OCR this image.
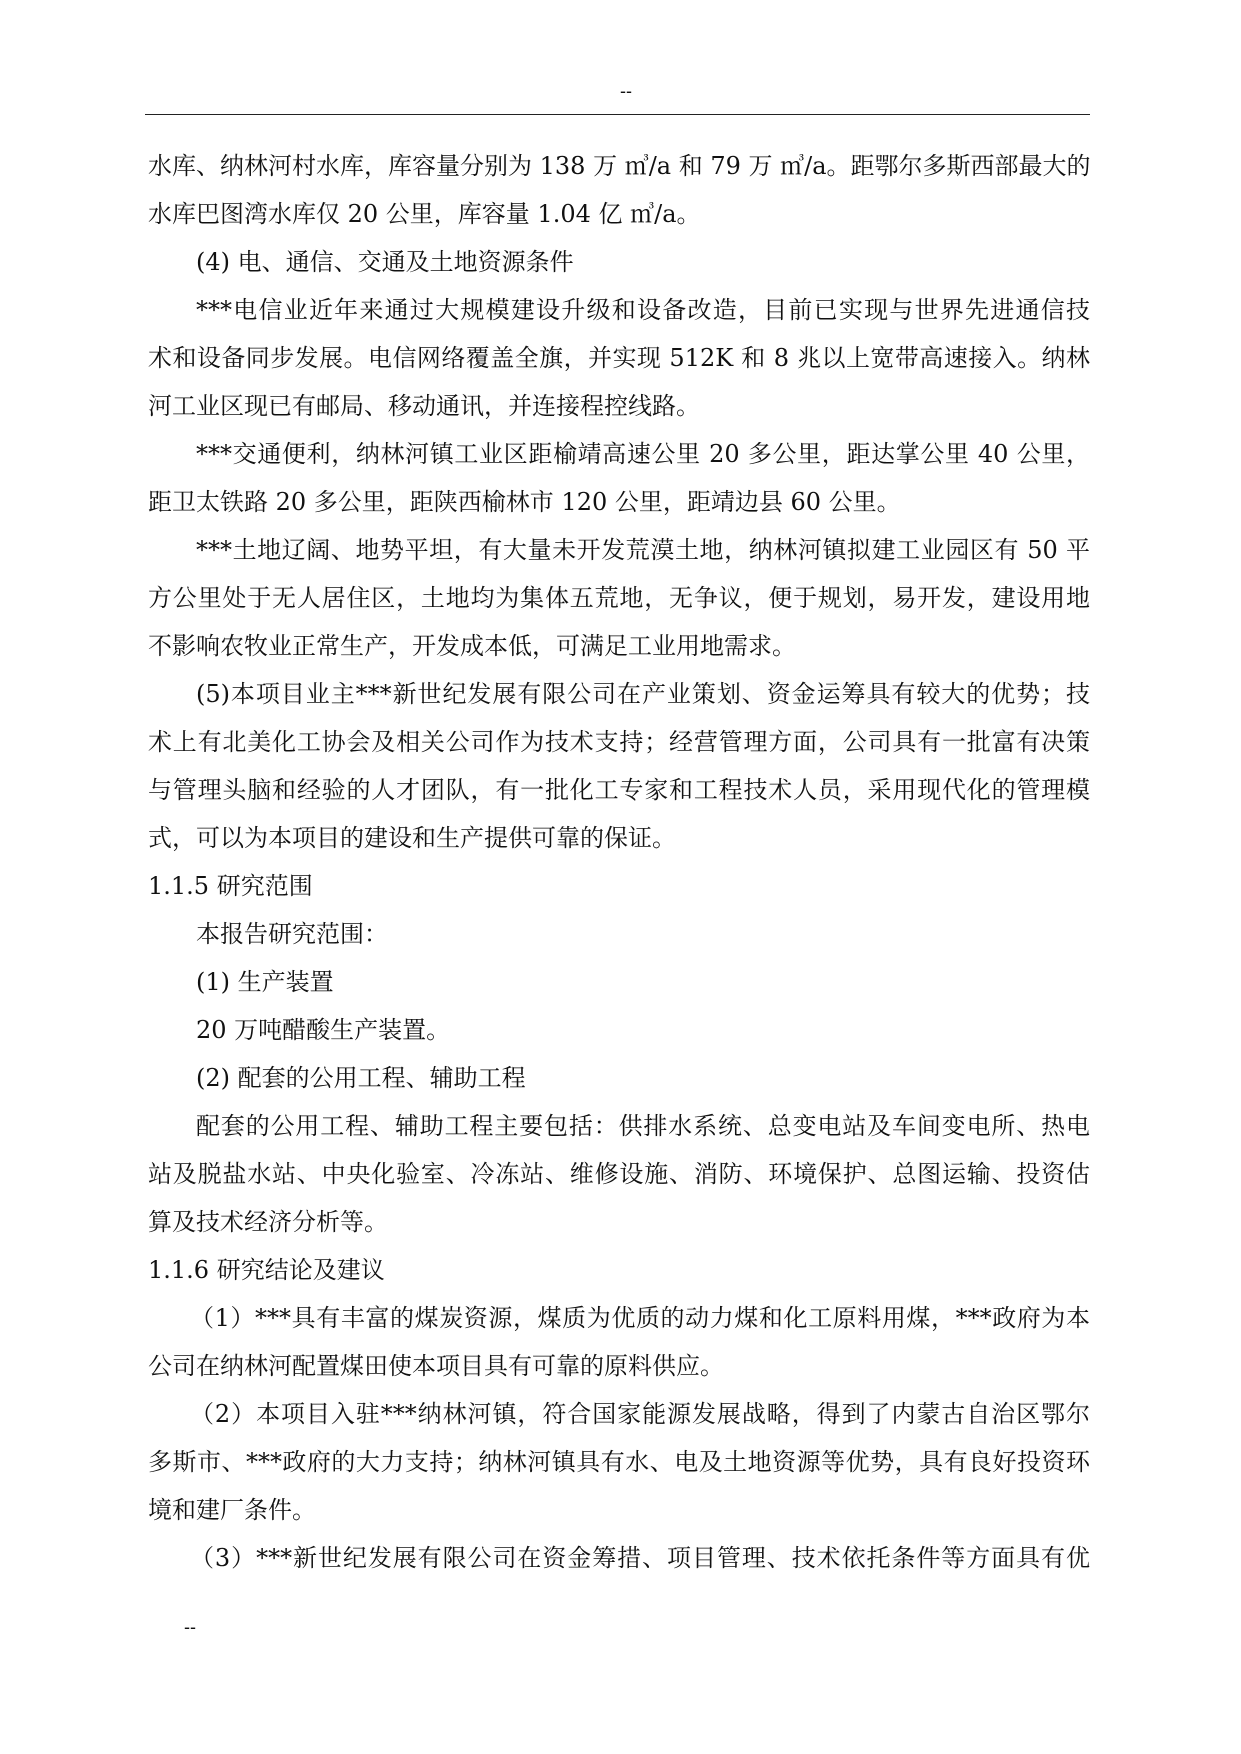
--
水库、纳林河村水库，库容量分别为 138 万 ㎥/a 和 79 万 ㎥/a。距鄂尔多斯西部最大的
水库巴图湾水库仅 20 公里，库容量 1.04 亿 ㎥/a。
(4) 电、通信、交通及土地资源条件
***电信业近年来通过大规模建设升级和设备改造，目前已实现与世界先进通信技
术和设备同步发展。电信网络覆盖全旗，并实现 512K 和 8 兆以上宽带高速接入。纳林
河工业区现已有邮局、移动通讯，并连接程控线路。
***交通便利，纳林河镇工业区距榆靖高速公里 20 多公里，距达掌公里 40 公里，
距卫太铁路 20 多公里，距陕西榆林市 120 公里，距靖边县 60 公里。
***土地辽阔、地势平坦，有大量未开发荒漠土地，纳林河镇拟建工业园区有 50 平
方公里处于无人居住区，土地均为集体五荒地，无争议，便于规划，易开发，建设用地
不影响农牧业正常生产，开发成本低，可满足工业用地需求。
(5)本项目业主***新世纪发展有限公司在产业策划、资金运筹具有较大的优势；技
术上有北美化工协会及相关公司作为技术支持；经营管理方面，公司具有一批富有决策
与管理头脑和经验的人才团队，有一批化工专家和工程技术人员，采用现代化的管理模
式，可以为本项目的建设和生产提供可靠的保证。
1.1.5 研究范围
本报告研究范围：
(1) 生产装置
20 万吨醋酸生产装置。
(2) 配套的公用工程、辅助工程
配套的公用工程、辅助工程主要包括：供排水系统、总变电站及车间变电所、热电
站及脱盐水站、中央化验室、冷冻站、维修设施、消防、环境保护、总图运输、投资估
算及技术经济分析等。
1.1.6 研究结论及建议
（1）***具有丰富的煤炭资源，煤质为优质的动力煤和化工原料用煤，***政府为本
公司在纳林河配置煤田使本项目具有可靠的原料供应。
（2）本项目入驻***纳林河镇，符合国家能源发展战略，得到了内蒙古自治区鄂尔
多斯市、***政府的大力支持；纳林河镇具有水、电及土地资源等优势，具有良好投资环
境和建厂条件。
（3）***新世纪发展有限公司在资金筹措、项目管理、技术依托条件等方面具有优
--
